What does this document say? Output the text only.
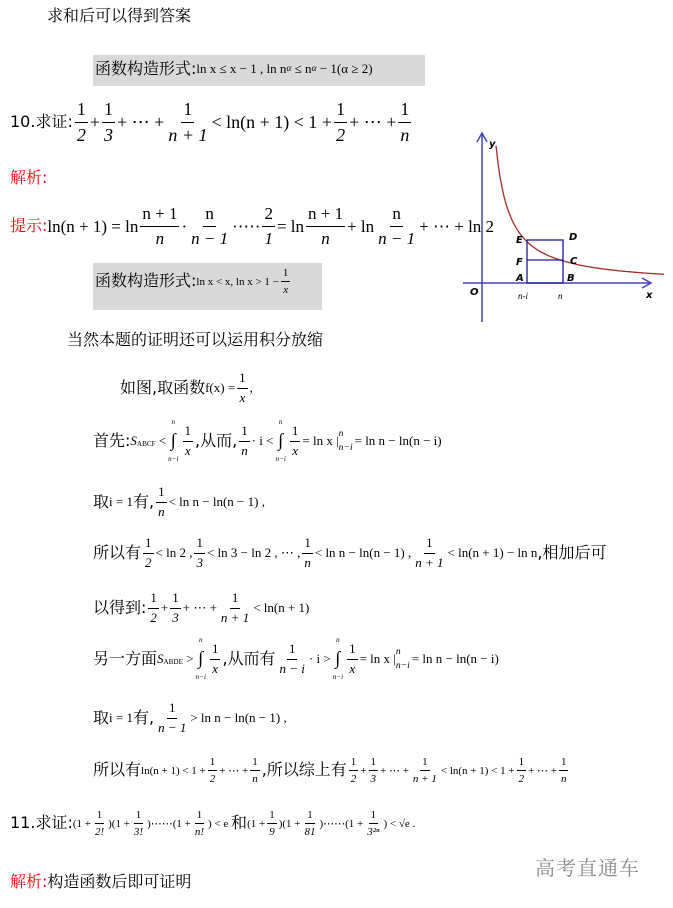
求和后可以得到答案
函数构造形式: ln x ≤ x − 1 , ln n α ≤ n α − 1(α ≥ 2)
10.求证: $\frac{1}{2} + \frac{1}{3}$ + ⋯ + $\frac{1}{n + 1} < \ln(n + 1) < 1 + \frac{1}{2}$ + ⋯ + $\frac{1}{n}$
解析:
提示: $\ln(n + 1) = \ln \frac{n + 1}{n} \cdot \frac{n}{n - 1}$ ·⋯· $\frac{2}{1} = \ln \frac{n + 1}{n} + \ln \frac{n}{n - 1}$ + ⋯ + ln 2
函数构造形式: ln x < x, $\ln x > 1 - \frac{1}{x}$
当然本题的证明还可以运用积分放缩
如图,取函数 $f(x) = \frac{1}{x}$ ,
首先: S ABCF <
n
∫
$n-i \frac{1}{x}$ ,从而, $\frac{1}{n} \cdot i$ <
n
∫
$n-i \frac{1}{x} = \ln x$ | n
n−i = ln n − ln(n − i)
取 i = 1 有, $\frac{1}{n} < \ln n - \ln(n - 1)$ ,
所以有 $\frac{1}{2} < \ln 2$ , $\frac{1}{3} < \ln 3 - \ln 2$ , ⋯ , $\frac{1}{n} < \ln n - \ln(n - 1)$ , $\frac{1}{n + 1} < \ln(n + 1) - \ln n$ ,相加后可
以得到: $\frac{1}{2} + \frac{1}{3}$ + ⋯ + $\frac{1}{n + 1} < \ln(n + 1)$
另一方面 S ABDE >
n
∫
$n-i \frac{1}{x}$ ,从而有 $\frac{1}{n - i} \cdot i$ >
n
∫
$n-i \frac{1}{x} = \ln x$ | n
n−i = ln n − ln(n − i)
取 i = 1 有, $\frac{1}{n - 1} > \ln n - \ln(n - 1)$ ,
所以有 $\ln(n + 1) < 1 + \frac{1}{2}$ + ⋯ + $\frac{1}{n}$ ,所以综上有 $\frac{1}{2} + \frac{1}{3}$ + ⋯ + $\frac{1}{n + 1} < \ln(n + 1) < 1 + \frac{1}{2}$ + ⋯ + $\frac{1}{n}$
11.求证: $(1 + \frac{1}{2!} )(1 + \frac{1}{3!}$ )⋯⋯(1 + $\frac{1}{n!}$ ) < e 和 $(1 + \frac{1}{9} )(1 + \frac{1}{81}$ )⋯⋯(1 + $\frac{1}{\text{3²ⁿ}}$ ) < √e .
解析: 构造函数后即可证明
高考直通车
y
O	x
E	D
F	C
A	B
n-i	n
